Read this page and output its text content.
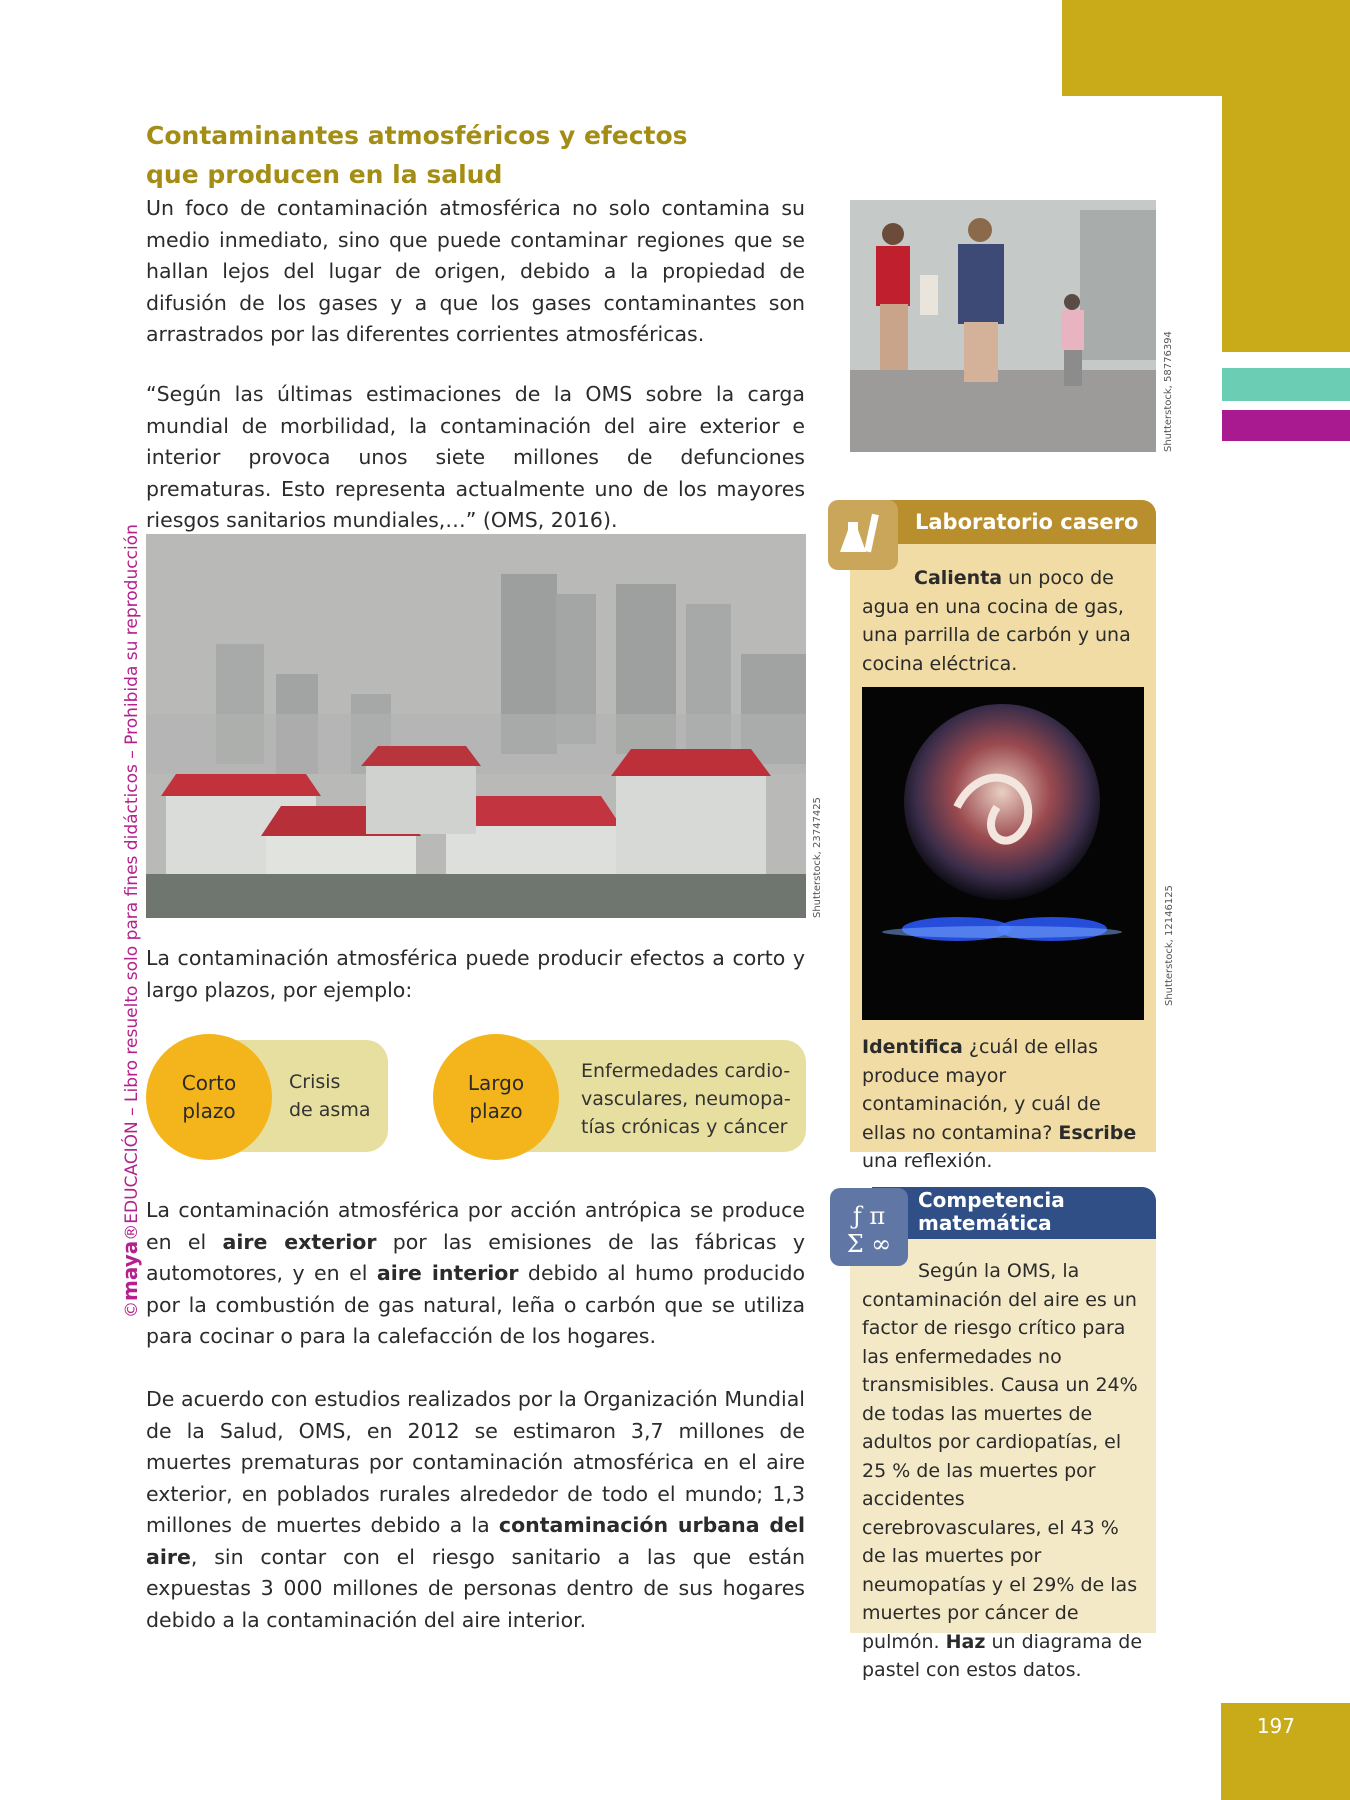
©maya®EDUCACIÓN – Libro resuelto solo para fines didácticos – Prohibida su reproducción
Contaminantes atmosféricos y efectos
que producen en la salud

Un foco de contaminación atmosférica no solo contamina su medio inmediato, sino que puede contaminar regiones que se hallan lejos del lugar de origen, debido a la propiedad de difusión de los gases y a que los gases contaminantes son arrastrados por las diferentes corrientes atmosféricas.

“Según las últimas estimaciones de la OMS sobre la carga mundial de morbilidad, la contaminación del aire exterior e interior provoca unos siete millones de defunciones prematuras. Esto representa actualmente uno de los mayores riesgos sanitarios mundiales,…” (OMS, 2016).

Shutterstock, 23747425

La contaminación atmosférica puede producir efectos a corto y largo plazos, por ejemplo:

Corto
plazo
Crisis
de asma
Largo
plazo
Enfermedades cardio-
vasculares, neumopa-
tías crónicas y cáncer

La contaminación atmosférica por acción antrópica se produce en el aire exterior por las emisiones de las fábricas y automotores, y en el aire interior debido al humo producido por la combustión de gas natural, leña o carbón que se utiliza para cocinar o para la calefacción de los hogares.

De acuerdo con estudios realizados por la Organización Mundial de la Salud, OMS, en 2012 se estimaron 3,7 millones de muertes prematuras por contaminación atmosférica en el aire exterior, en poblados rurales alrededor de todo el mundo; 1,3 millones de muertes debido a la contaminación urbana del aire, sin contar con el riesgo sanitario a las que están expuestas 3 000 millones de personas dentro de sus hogares debido a la contaminación del aire interior.

Shutterstock, 58776394
Laboratorio casero

Calienta un poco de agua en una cocina de gas, una parrilla de carbón y una cocina eléctrica.

Shutterstock, 12146125

Identifica ¿cuál de ellas produce mayor contaminación, y cuál de ellas no contamina? Escribe una reflexión.

Competencia
matemática
ƒ π
Σ ∞

Según la OMS, la contaminación del aire es un factor de riesgo crítico para las enfermedades no transmisibles. Causa un 24% de todas las muertes de adultos por cardiopatías, el 25 % de las muertes por accidentes cerebrovasculares, el 43 % de las muertes por neumopatías y el 29% de las muertes por cáncer de pulmón. Haz un diagrama de pastel con estos datos.

197
